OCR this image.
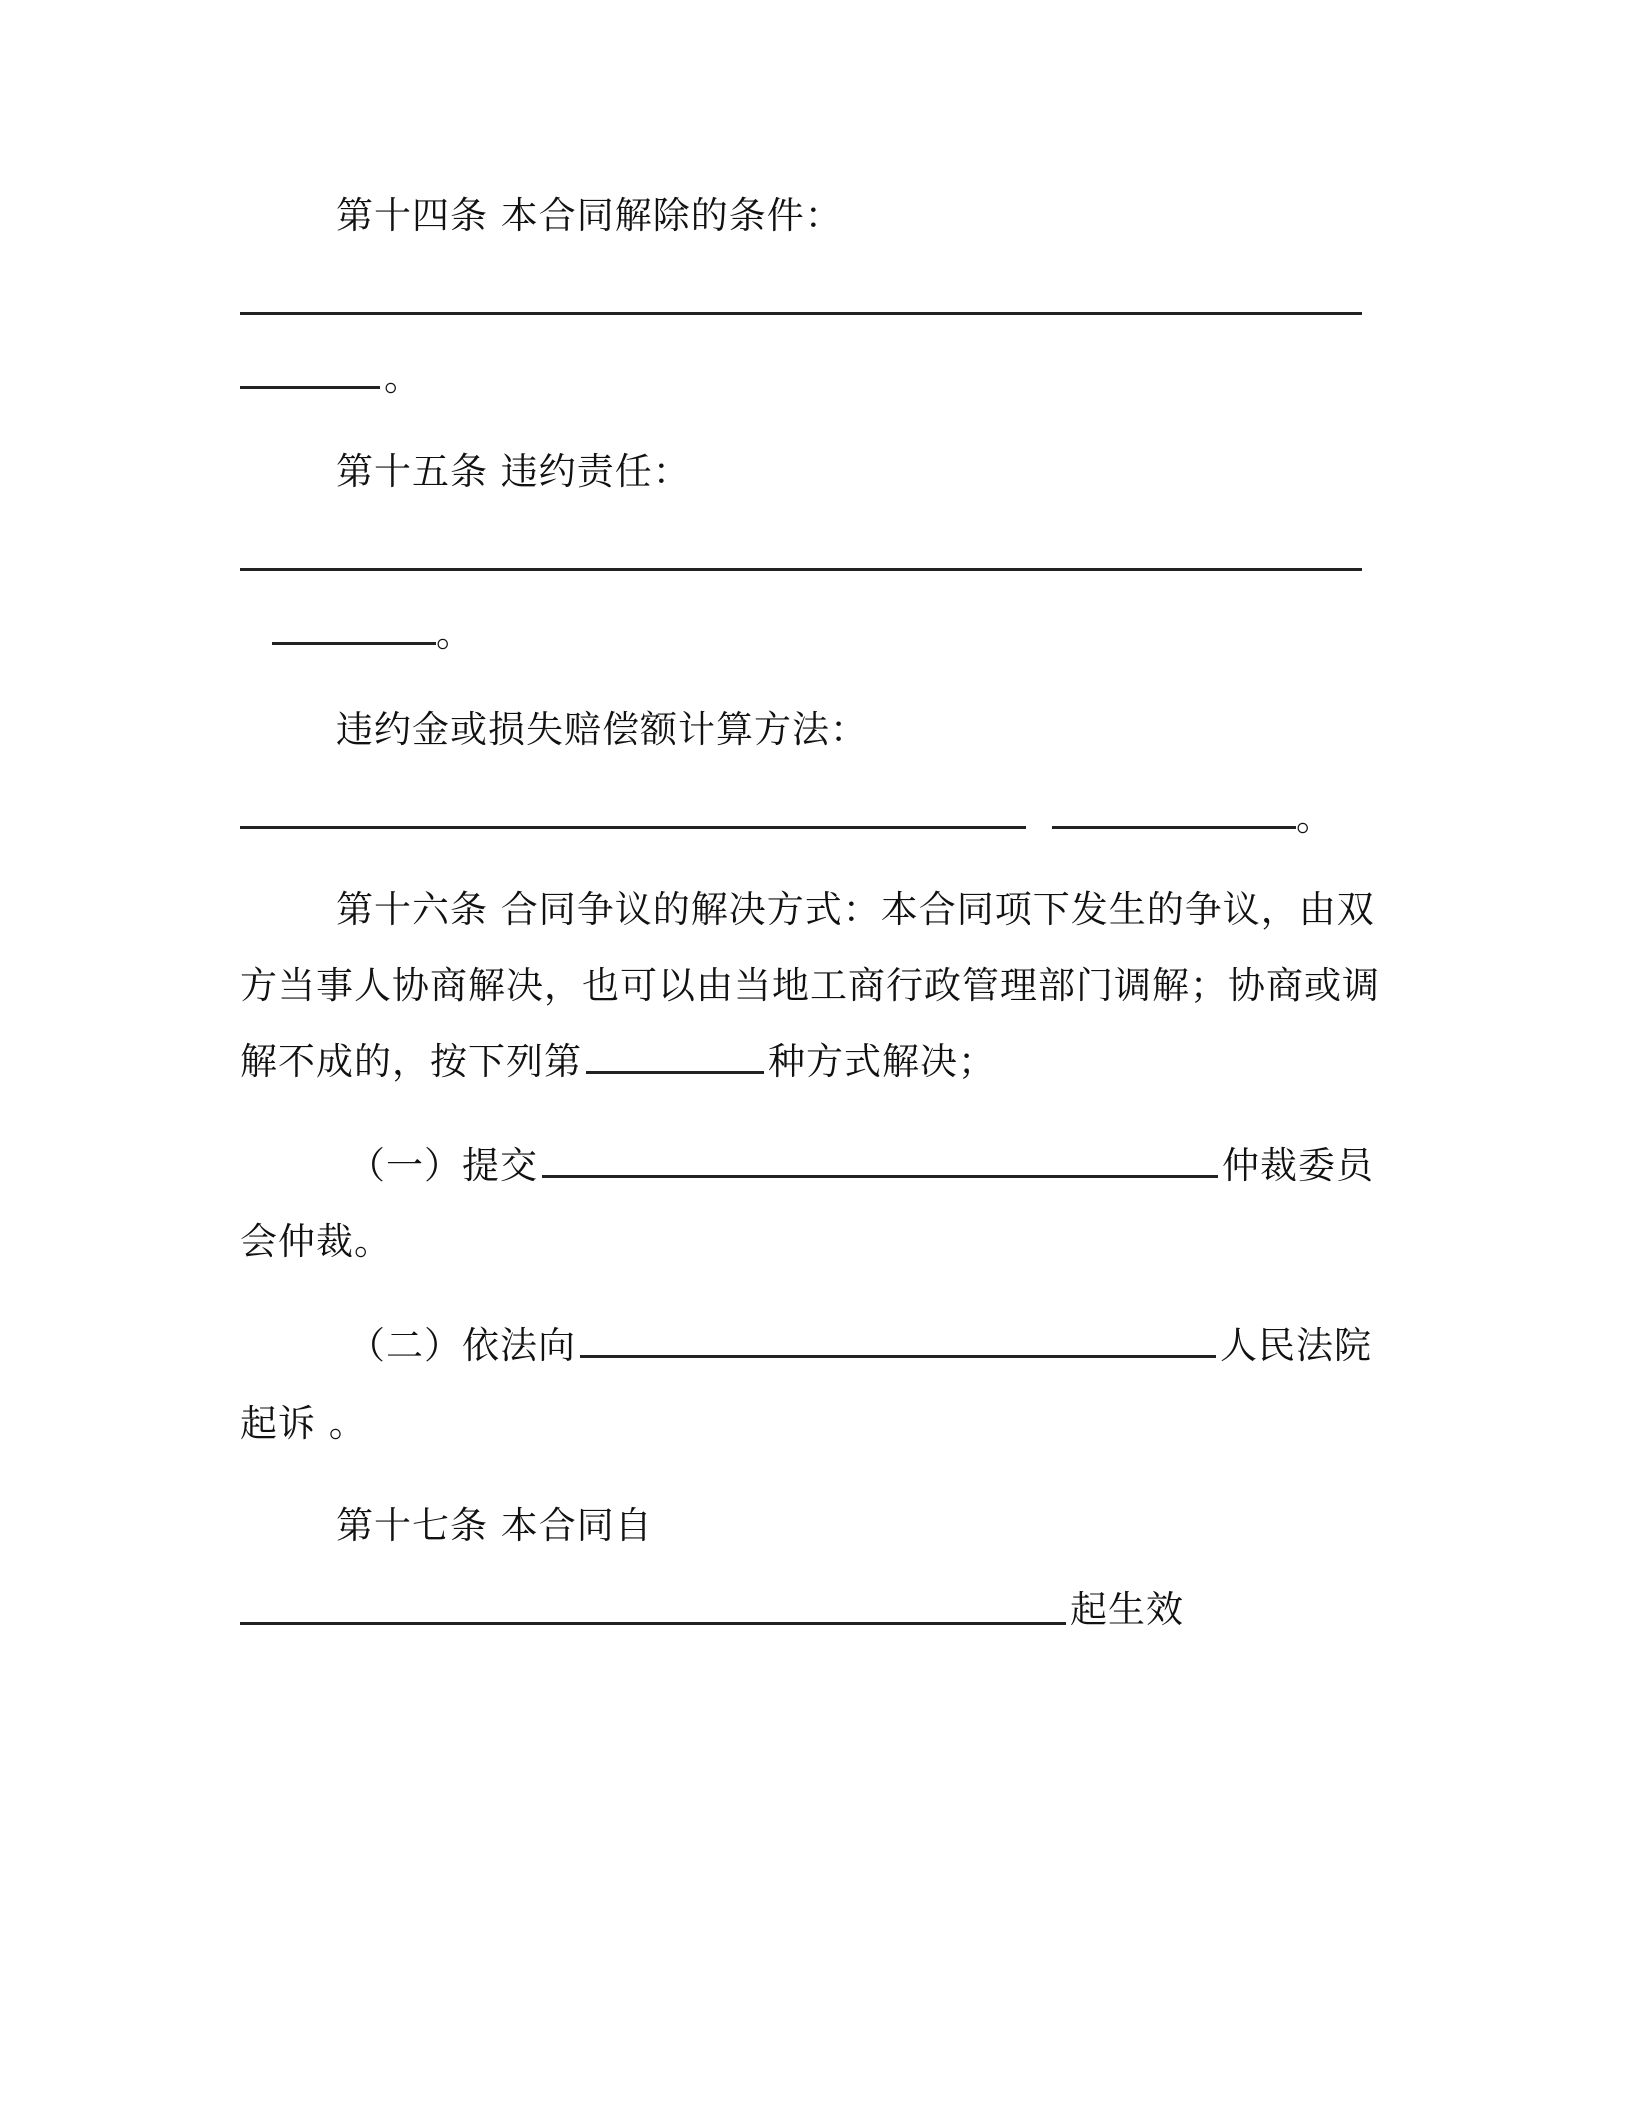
第十四条 本合同解除的条件：
。
第十五条 违约责任：
。
违约金或损失赔偿额计算方法：
。
第十六条 合同争议的解决方式：本合同项下发生的争议，由双
方当事人协商解决，也可以由当地工商行政管理部门调解；协商或调
解不成的，按下列第	种方式解决；
（一）提交	仲裁委员
会仲裁。
（二）依法向	人民法院
起诉 。
第十七条 本合同自
起生效
